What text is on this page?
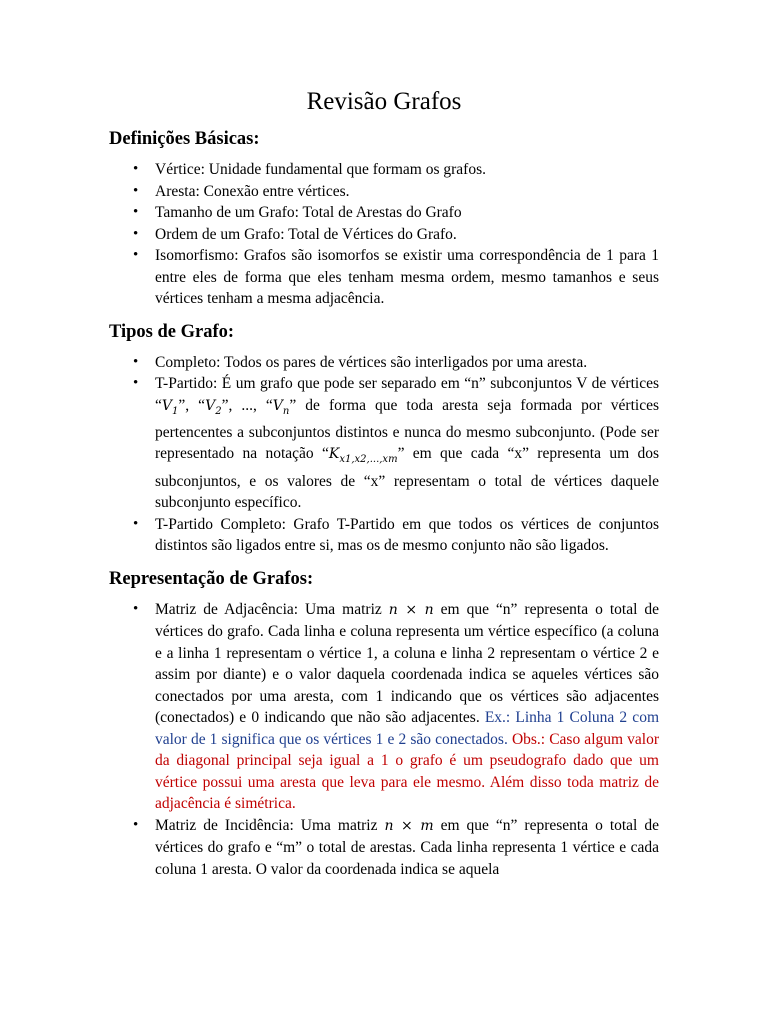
Revisão Grafos
Definições Básicas:
• Vértice: Unidade fundamental que formam os grafos.
• Aresta: Conexão entre vértices.
• Tamanho de um Grafo: Total de Arestas do Grafo
• Ordem de um Grafo: Total de Vértices do Grafo.
• Isomorfismo: Grafos são isomorfos se existir uma correspondência de 1 para 1 entre eles de forma que eles tenham mesma ordem, mesmo tamanhos e seus vértices tenham a mesma adjacência.
Tipos de Grafo:
• Completo: Todos os pares de vértices são interligados por uma aresta.
• T-Partido: É um grafo que pode ser separado em “n” subconjuntos V de vértices “$V_1$”, “$V_2$”, ..., “$V_n$” de forma que toda aresta seja formada por vértices pertencentes a subconjuntos distintos e nunca do mesmo subconjunto. (Pode ser representado na notação “$K_{x1,x2,...,xm}$” em que cada “x” representa um dos subconjuntos, e os valores de “x” representam o total de vértices daquele subconjunto específico.
• T-Partido Completo: Grafo T-Partido em que todos os vértices de conjuntos distintos são ligados entre si, mas os de mesmo conjunto não são ligados.
Representação de Grafos:
• Matriz de Adjacência: Uma matriz n × n em que “n” representa o total de vértices do grafo. Cada linha e coluna representa um vértice específico (a coluna e a linha 1 representam o vértice 1, a coluna e linha 2 representam o vértice 2 e assim por diante) e o valor daquela coordenada indica se aqueles vértices são conectados por uma aresta, com 1 indicando que os vértices são adjacentes (conectados) e 0 indicando que não são adjacentes. Ex.: Linha 1 Coluna 2 com valor de 1 significa que os vértices 1 e 2 são conectados. Obs.: Caso algum valor da diagonal principal seja igual a 1 o grafo é um pseudografo dado que um vértice possui uma aresta que leva para ele mesmo. Além disso toda matriz de adjacência é simétrica.
• Matriz de Incidência: Uma matriz n × m em que “n” representa o total de vértices do grafo e “m” o total de arestas. Cada linha representa 1 vértice e cada coluna 1 aresta. O valor da coordenada indica se aquela
